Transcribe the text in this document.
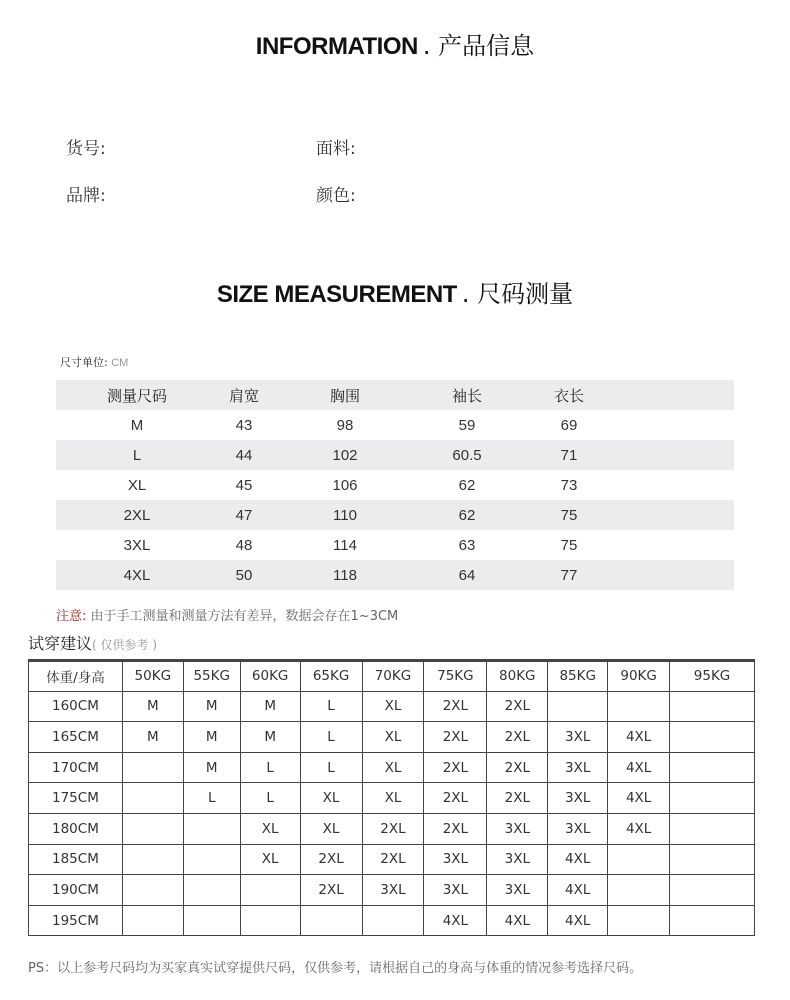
INFORMATION . 产品信息
货号:	面料:
品牌:	颜色:
SIZE MEASUREMENT . 尺码测量
尺寸单位: CM
测量尺码	肩宽	胸围	袖长	衣长
M	43	98	59	69
L	44	102	60.5	71
XL	45	106	62	73
2XL	47	110	62	75
3XL	48	114	63	75
4XL	50	118	64	77
注意: 由于手工测量和测量方法有差异，数据会存在1~3CM
试穿建议( 仅供参考 )
体重/身高	50KG	55KG	60KG	65KG	70KG	75KG	80KG	85KG	90KG	95KG
160CM	M	M	M	L	XL	2XL	2XL			
165CM	M	M	M	L	XL	2XL	2XL	3XL	4XL	
170CM		M	L	L	XL	2XL	2XL	3XL	4XL	
175CM		L	L	XL	XL	2XL	2XL	3XL	4XL	
180CM			XL	XL	2XL	2XL	3XL	3XL	4XL	
185CM			XL	2XL	2XL	3XL	3XL	4XL		
190CM				2XL	3XL	3XL	3XL	4XL		
195CM						4XL	4XL	4XL		
PS：以上参考尺码均为买家真实试穿提供尺码，仅供参考，请根据自己的身高与体重的情况参考选择尺码。
